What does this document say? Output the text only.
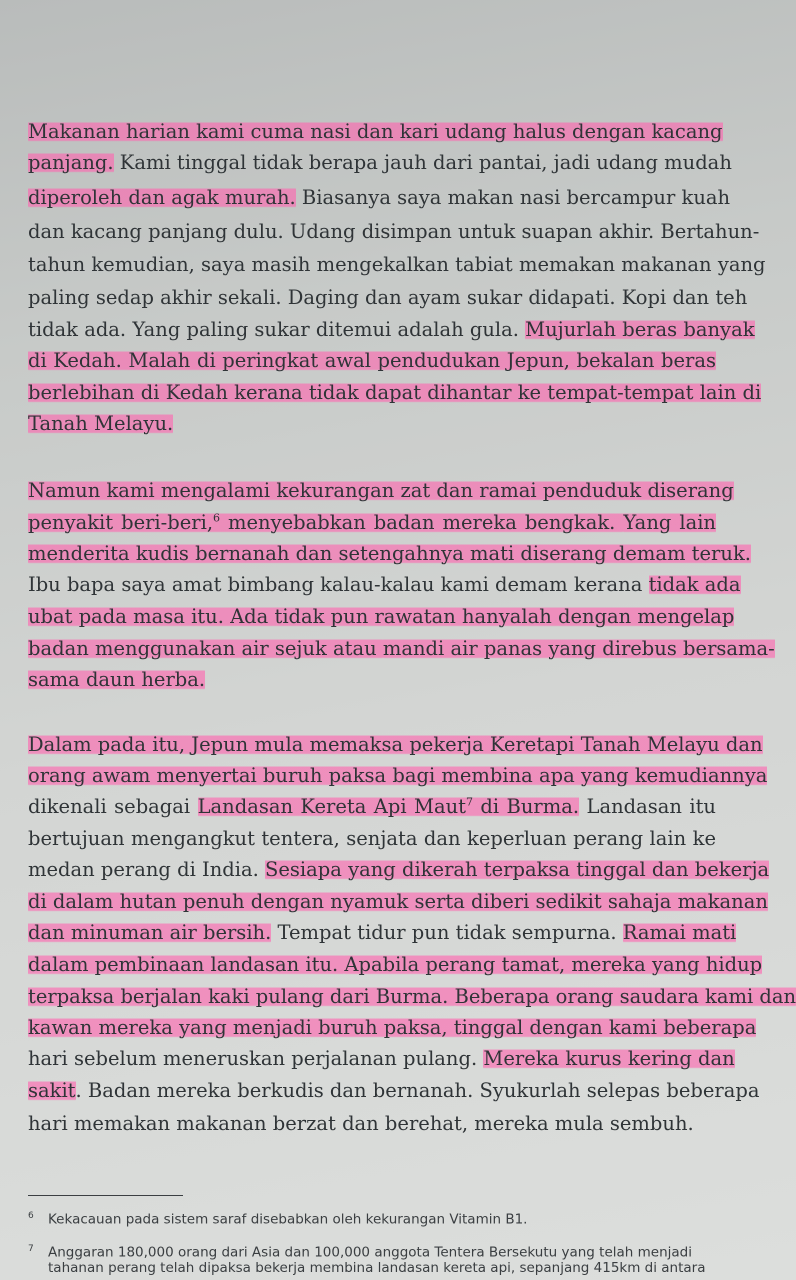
Makanan harian kami cuma nasi dan kari udang halus dengan kacang
panjang. Kami tinggal tidak berapa jauh dari pantai, jadi udang mudah
diperoleh dan agak murah. Biasanya saya makan nasi bercampur kuah
dan kacang panjang dulu. Udang disimpan untuk suapan akhir. Bertahun-
tahun kemudian, saya masih mengekalkan tabiat memakan makanan yang
paling sedap akhir sekali. Daging dan ayam sukar didapati. Kopi dan teh
tidak ada. Yang paling sukar ditemui adalah gula. Mujurlah beras banyak
di Kedah. Malah di peringkat awal pendudukan Jepun, bekalan beras
berlebihan di Kedah kerana tidak dapat dihantar ke tempat-tempat lain di
Tanah Melayu.
Namun kami mengalami kekurangan zat dan ramai penduduk diserang
penyakit beri-beri,$^6$ menyebabkan badan mereka bengkak. Yang lain
menderita kudis bernanah dan setengahnya mati diserang demam teruk.
Ibu bapa saya amat bimbang kalau-kalau kami demam kerana tidak ada
ubat pada masa itu. Ada tidak pun rawatan hanyalah dengan mengelap
badan menggunakan air sejuk atau mandi air panas yang direbus bersama-
sama daun herba.
Dalam pada itu, Jepun mula memaksa pekerja Keretapi Tanah Melayu dan
orang awam menyertai buruh paksa bagi membina apa yang kemudiannya
dikenali sebagai Landasan Kereta Api Maut$^7$ di Burma. Landasan itu
bertujuan mengangkut tentera, senjata dan keperluan perang lain ke
medan perang di India. Sesiapa yang dikerah terpaksa tinggal dan bekerja
di dalam hutan penuh dengan nyamuk serta diberi sedikit sahaja makanan
dan minuman air bersih. Tempat tidur pun tidak sempurna. Ramai mati
dalam pembinaan landasan itu. Apabila perang tamat, mereka yang hidup
terpaksa berjalan kaki pulang dari Burma. Beberapa orang saudara kami dan
kawan mereka yang menjadi buruh paksa, tinggal dengan kami beberapa
hari sebelum meneruskan perjalanan pulang. Mereka kurus kering dan
sakit. Badan mereka berkudis dan bernanah. Syukurlah selepas beberapa
hari memakan makanan berzat dan berehat, mereka mula sembuh.
6 Kekacauan pada sistem saraf disebabkan oleh kekurangan Vitamin B1.
7 Anggaran 180,000 orang dari Asia dan 100,000 anggota Tentera Bersekutu yang telah menjadi
tahanan perang telah dipaksa bekerja membina landasan kereta api, sepanjang 415km di antara
